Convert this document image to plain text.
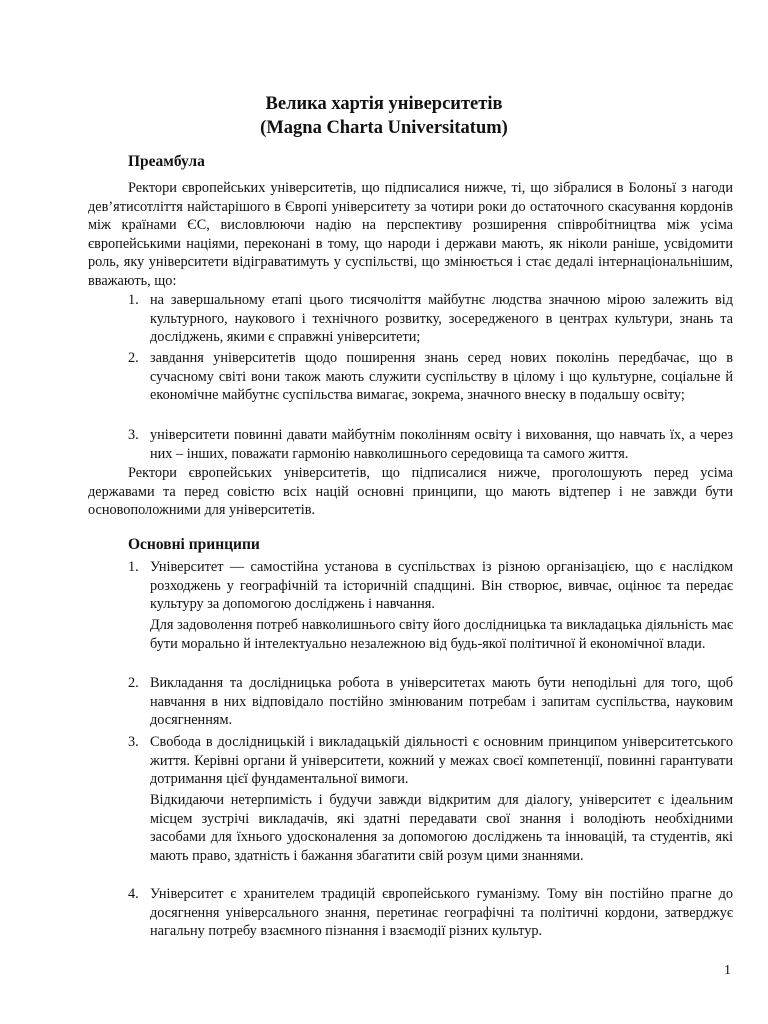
Велика хартія університетів
(Magna Charta Universitatum)
Преамбула
Ректори європейських університетів, що підписалися нижче, ті, що зібралися в Болоньї з нагоди дев’ятисотліття найстарішого в Європі університету за чотири роки до остаточного скасування кордонів між країнами ЄС, висловлюючи надію на перспективу розширення співробітництва між усіма європейськими націями, переконані в тому, що народи і держави мають, як ніколи раніше, усвідомити роль, яку університети відіграватимуть у суспільстві, що змінюється і стає дедалі інтернаціональнішим, вважають, що:
1. на завершальному етапі цього тисячоліття майбутнє людства значною мірою залежить від культурного, наукового і технічного розвитку, зосередженого в центрах культури, знань та досліджень, якими є справжні університети;
2. завдання університетів щодо поширення знань серед нових поколінь передбачає, що в сучасному світі вони також мають служити суспільству в цілому і що культурне, соціальне й економічне майбутнє суспільства вимагає, зокрема, значного внеску в подальшу освіту;
3. університети повинні давати майбутнім поколінням освіту і виховання, що навчать їх, а через них – інших, поважати гармонію навколишнього середовища та самого життя.
Ректори європейських університетів, що підписалися нижче, проголошують перед усіма державами та перед совістю всіх націй основні принципи, що мають відтепер і не завжди бути основоположними для університетів.
Основні принципи
1. Університет — самостійна установа в суспільствах із різною організацією, що є наслідком розходжень у географічній та історичній спадщині. Він створює, вивчає, оцінює та передає культуру за допомогою досліджень і навчання.
Для задоволення потреб навколишнього світу його дослідницька та викладацька діяльність має бути морально й інтелектуально незалежною від будь-якої політичної й економічної влади.
2. Викладання та дослідницька робота в університетах мають бути неподільні для того, щоб навчання в них відповідало постійно змінюваним потребам і запитам суспільства, науковим досягненням.
3. Свобода в дослідницькій і викладацькій діяльності є основним принципом університетського життя. Керівні органи й університети, кожний у межах своєї компетенції, повинні гарантувати дотримання цієї фундаментальної вимоги.
Відкидаючи нетерпимість і будучи завжди відкритим для діалогу, університет є ідеальним місцем зустрічі викладачів, які здатні передавати свої знання і володіють необхідними засобами для їхнього удосконалення за допомогою досліджень та інновацій, та студентів, які мають право, здатність і бажання збагатити свій розум цими знаннями.
4. Університет є хранителем традицій європейського гуманізму. Тому він постійно прагне до досягнення універсального знання, перетинає географічні та політичні кордони, затверджує нагальну потребу взаємного пізнання і взаємодії різних культур.
1
